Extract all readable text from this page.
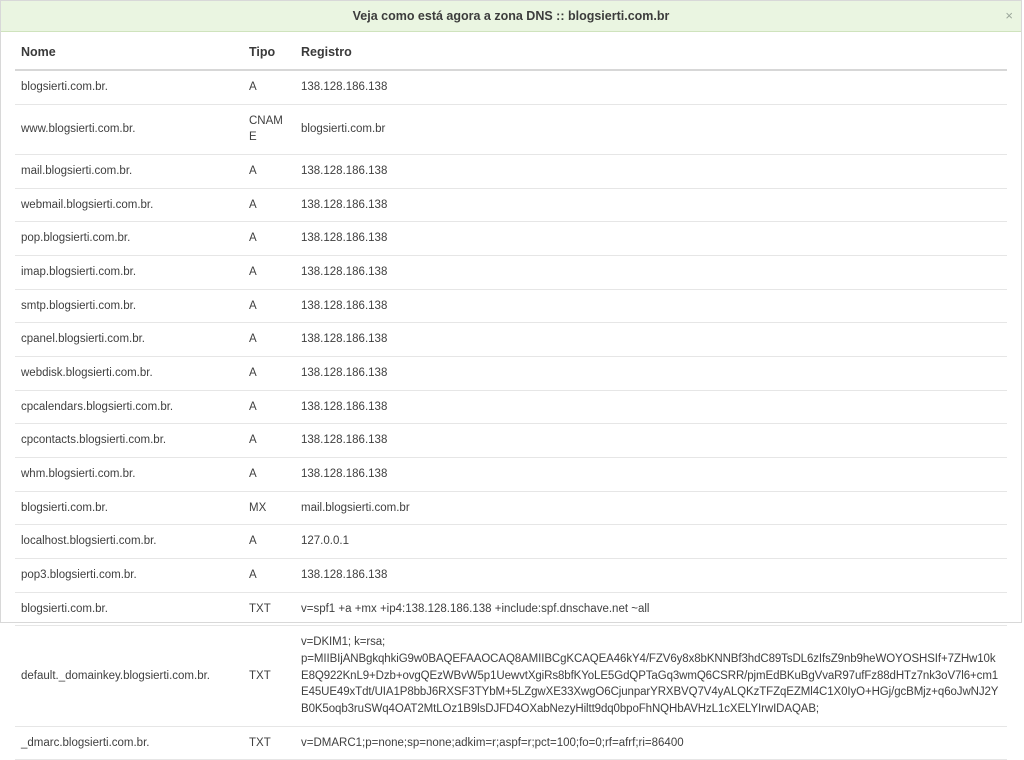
Veja como está agora a zona DNS :: blogsierti.com.br	×
Nome	Tipo	Registro
blogsierti.com.br.	A	138.128.186.138
www.blogsierti.com.br.	CNAME	blogsierti.com.br
mail.blogsierti.com.br.	A	138.128.186.138
webmail.blogsierti.com.br.	A	138.128.186.138
pop.blogsierti.com.br.	A	138.128.186.138
imap.blogsierti.com.br.	A	138.128.186.138
smtp.blogsierti.com.br.	A	138.128.186.138
cpanel.blogsierti.com.br.	A	138.128.186.138
webdisk.blogsierti.com.br.	A	138.128.186.138
cpcalendars.blogsierti.com.br.	A	138.128.186.138
cpcontacts.blogsierti.com.br.	A	138.128.186.138
whm.blogsierti.com.br.	A	138.128.186.138
blogsierti.com.br.	MX	mail.blogsierti.com.br
localhost.blogsierti.com.br.	A	127.0.0.1
pop3.blogsierti.com.br.	A	138.128.186.138
blogsierti.com.br.	TXT	v=spf1 +a +mx +ip4:138.128.186.138 +include:spf.dnschave.net ~all
default._domainkey.blogsierti.com.br.	TXT	v=DKIM1; k=rsa; p=MIIBIjANBgkqhkiG9w0BAQEFAAOCAQ8AMIIBCgKCAQEA46kY4/FZV6y8x8bKNNBf3hdC89TsDL6zIfsZ9nb9heWOYOSHSIf+7ZHw10kE8Q922KnL9+Dzb+ovgQEzWBvW5p1UewvtXgiRs8bfKYoLE5GdQPTaGq3wmQ6CSRR/pjmEdBKuBgVvaR97ufFz88dHTz7nk3oV7l6+cm1E45UE49xTdt/UIA1P8bbJ6RXSF3TYbM+5LZgwXE33XwgO6CjunparYRXBVQ7V4yALQKzTFZqEZMl4C1X0IyO+HGj/gcBMjz+q6oJwNJ2YB0K5oqb3ruSWq4OAT2MtLOz1B9lsDJFD4OXabNezyHiltt9dq0bpoFhNQHbAVHzL1cXELYIrwIDAQAB;
_dmarc.blogsierti.com.br.	TXT	v=DMARC1;p=none;sp=none;adkim=r;aspf=r;pct=100;fo=0;rf=afrf;ri=86400
